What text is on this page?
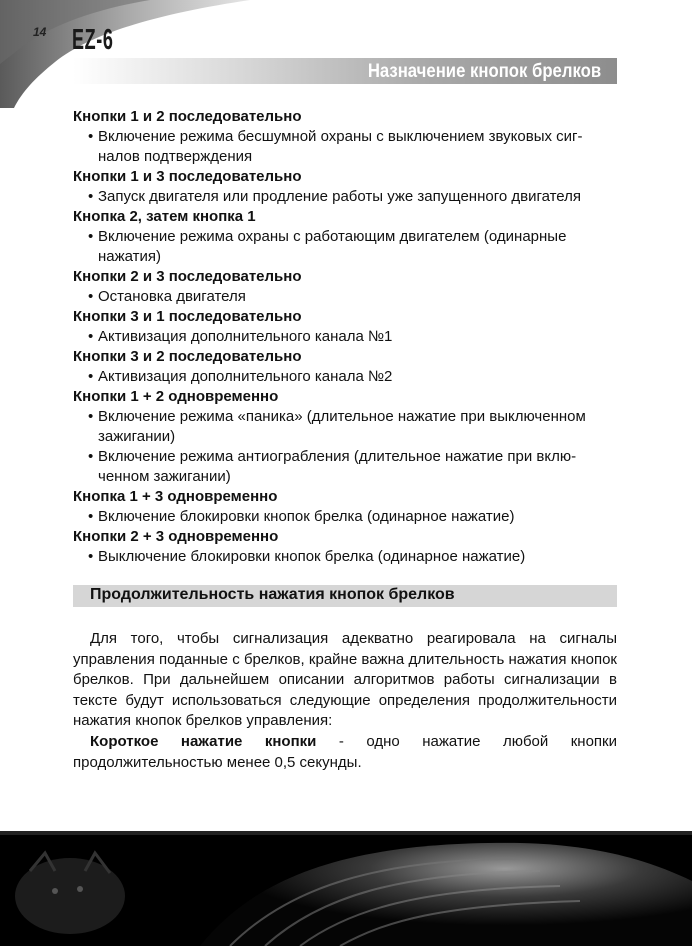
14 EZ-6
Назначение кнопок брелков
Кнопки 1 и 2 последовательно
• Включение режима бесшумной охраны с выключением звуковых сиг-налов подтверждения
Кнопки 1 и 3 последовательно
• Запуск двигателя или продление работы уже запущенного двигателя
Кнопка 2, затем кнопка 1
• Включение режима охраны с работающим двигателем (одинарные нажатия)
Кнопки 2 и 3 последовательно
• Остановка двигателя
Кнопки 3 и 1 последовательно
• Активизация дополнительного канала №1
Кнопки 3 и 2 последовательно
• Активизация дополнительного канала №2
Кнопки 1 + 2 одновременно
• Включение режима «паника» (длительное нажатие при выключенном зажигании)
• Включение режима антиограбления (длительное нажатие при вклю-ченном зажигании)
Кнопка 1 + 3 одновременно
• Включение блокировки кнопок брелка (одинарное нажатие)
Кнопки 2 + 3 одновременно
• Выключение блокировки кнопок брелка (одинарное нажатие)
Продолжительность нажатия кнопок брелков

Для того, чтобы сигнализация адекватно реагировала на сигналы управления поданные с брелков, крайне важна длительность нажатия кнопок брелков. При дальнейшем описании алгоритмов работы сигнализации в тексте будут использоваться следующие определения продолжительности нажатия кнопок брелков управления:

Короткое нажатие кнопки - одно нажатие любой кнопки продолжительностью менее 0,5 секунды.
